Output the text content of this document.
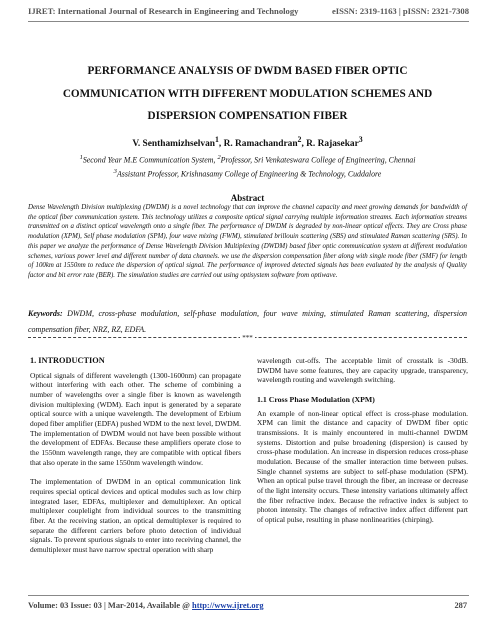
IJRET: International Journal of Research in Engineering and Technology	eISSN: 2319-1163 | pISSN: 2321-7308
PERFORMANCE ANALYSIS OF DWDM BASED FIBER OPTIC
COMMUNICATION WITH DIFFERENT MODULATION SCHEMES AND
DISPERSION COMPENSATION FIBER
V. Senthamizhselvan$^1$, R. Ramachandran$^2$, R. Rajasekar$^3$
$^1$Second Year M.E Communication System, $^2$Professor, Sri Venkateswara College of Engineering, Chennai
$^3$Assistant Professor, Krishnasamy College of Engineering & Technology, Cuddalore
Abstract
Dense Wavelength Division multiplexing (DWDM) is a novel technology that can improve the channel capacity and meet growing demands for bandwidth of the optical fiber communication system. This technology utilizes a composite optical signal carrying multiple information streams. Each information streams transmitted on a distinct optical wavelength onto a single fiber. The performance of DWDM is degraded by non-linear optical effects. They are Cross phase modulation (XPM), Self phase modulation (SPM), four wave mixing (FWM), stimulated brillouin scattering (SBS) and stimulated Raman scattering (SRS). In this paper we analyze the performance of Dense Wavelength Division Multiplexing (DWDM) based fiber optic communication system at different modulation schemes, various power level and different number of data channels. we use the dispersion compensation fiber along with single mode fiber (SMF) for length of 100km at 1550nm to reduce the dispersion of optical signal. The performance of improved detected signals has been evaluated by the analysis of Quality factor and bit error rate (BER). The simulation studies are carried out using optisystem software from optiwave.
Keywords: DWDM, cross-phase modulation, self-phase modulation, four wave mixing, stimulated Raman scattering, dispersion compensation fiber, NRZ, RZ, EDFA.
***

1. INTRODUCTION

Optical signals of different wavelength (1300-1600nm) can propagate without interfering with each other. The scheme of combining a number of wavelengths over a single fiber is known as wavelength division multiplexing (WDM). Each input is generated by a separate optical source with a unique wavelength. The development of Erbium doped fiber amplifier (EDFA) pushed WDM to the next level, DWDM. The implementation of DWDM would not have been possible without the development of EDFAs. Because these amplifiers operate close to the 1550nm wavelength range, they are compatible with optical fibers that also operate in the same 1550nm wavelength window.

The implementation of DWDM in an optical communication link requires special optical devices and optical modules such as low chirp integrated laser, EDFAs, multiplexer and demultiplexer. An optical multiplexer couplelight from individual sources to the transmitting fiber. At the receiving station, an optical demultiplexer is required to separate the different carriers before photo detection of individual signals. To prevent spurious signals to enter into receiving channel, the demultiplexer must have narrow spectral operation with sharp

wavelength cut-offs. The acceptable limit of crosstalk is -30dB. DWDM have some features, they are capacity upgrade, transparency, wavelength routing and wavelength switching.

1.1 Cross Phase Modulation (XPM)

An example of non-linear optical effect is cross-phase modulation. XPM can limit the distance and capacity of DWDM fiber optic transmissions. It is mainly encountered in multi-channel DWDM systems. Distortion and pulse broadening (dispersion) is caused by cross-phase modulation. An increase in dispersion reduces cross-phase modulation. Because of the smaller interaction time between pulses. Single channel systems are subject to self-phase modulation (SPM). When an optical pulse travel through the fiber, an increase or decrease of the light intensity occurs. These intensity variations ultimately affect the fiber refractive index. Because the refractive index is subject to photon intensity. The changes of refractive index affect different part of optical pulse, resulting in phase nonlinearities (chirping).

Volume: 03 Issue: 03 | Mar-2014, Available @ http://www.ijret.org	287
